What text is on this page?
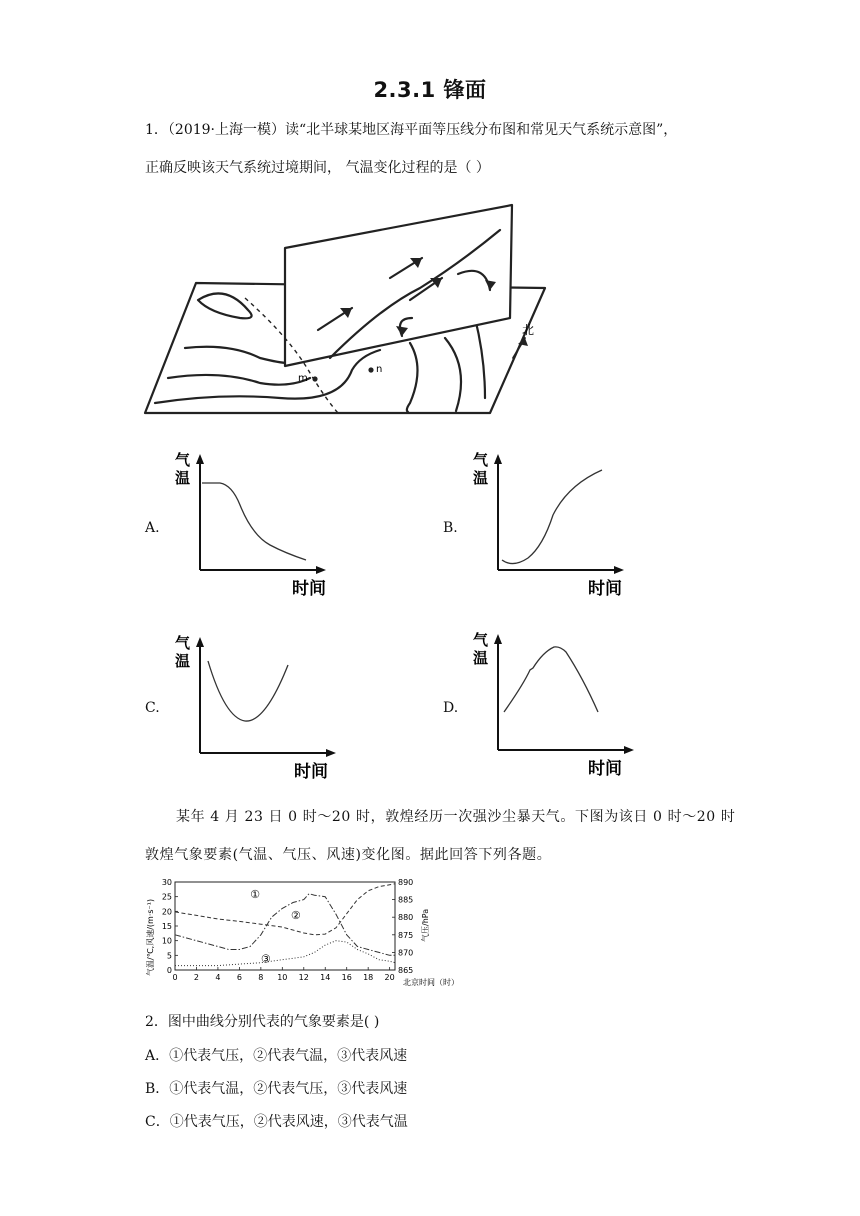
2.3.1 锋面
1．（2019·上海一模）读“北半球某地区海平面等压线分布图和常见天气系统示意图”，
正确反映该天气系统过境期间， 气温变化过程的是（ ）
m
n
北
A.
气
温
时间
B.
气
温
时间
C.
气
温
时间
D.
气
温
时间
某年 4 月 23 日 0 时～20 时，敦煌经历一次强沙尘暴天气。下图为该日 0 时～20 时
敦煌气象要素(气温、气压、风速)变化图。据此回答下列各题。
0 2 4 6 8 10 12 14 16 18 20
0
5
10
15
20
25
30
865
870
875
880
885
890
①
②
③
北京时间（时）
气温/℃,风速/(m·s⁻¹)	气压/hPa
2．图中曲线分别代表的气象要素是( )
A．①代表气压，②代表气温，③代表风速
B．①代表气温，②代表气压，③代表风速
C．①代表气压，②代表风速，③代表气温
